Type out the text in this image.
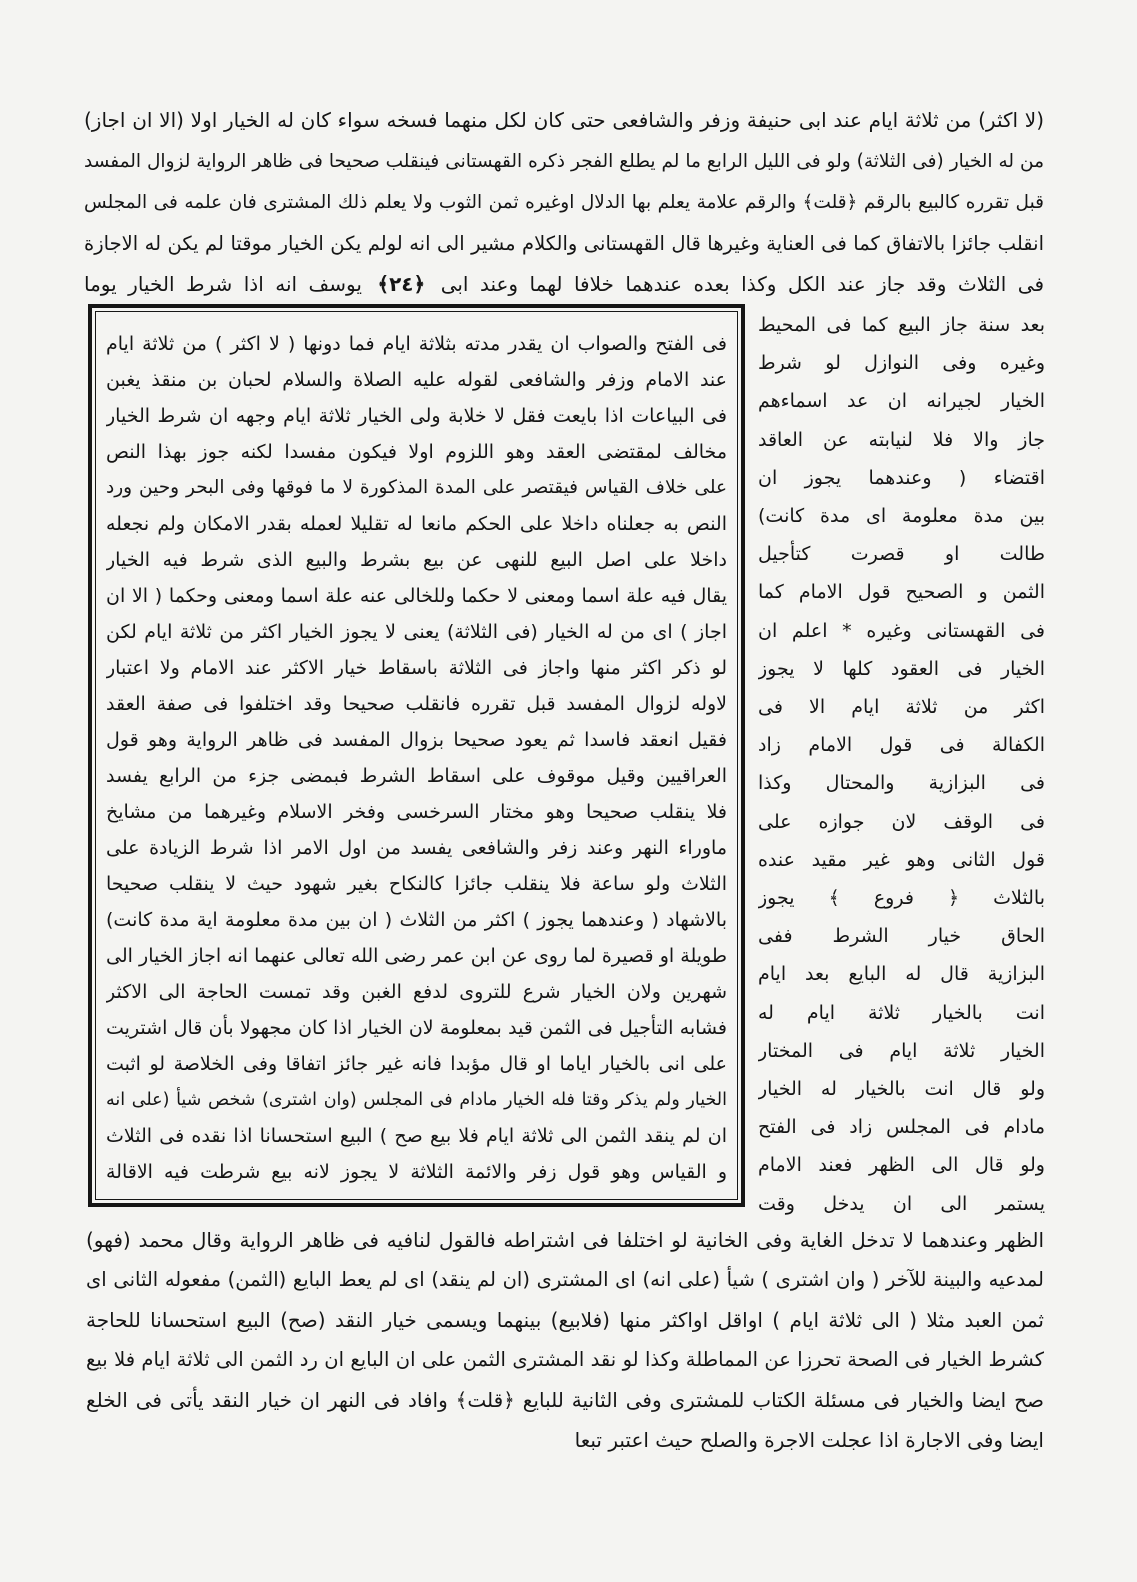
(لا اكثر) من ثلاثة ايام عند ابى حنيفة وزفر والشافعى حتى كان لكل منهما فسخه سواء كان له الخيار اولا (الا ان اجاز)
من له الخيار (فى الثلاثة) ولو فى الليل الرابع ما لم يطلع الفجر ذكره القهستانى فينقلب صحيحا فى ظاهر الرواية لزوال المفسد
قبل تقرره كالبيع بالرقم ﴿قلت﴾ والرقم علامة يعلم بها الدلال اوغيره ثمن الثوب ولا يعلم ذلك المشترى فان علمه فى المجلس
انقلب جائزا بالاتفاق كما فى العناية وغيرها قال القهستانى والكلام مشير الى انه لولم يكن الخيار موقتا لم يكن له الاجازة
فى الثلاث وقد جاز عند الكل وكذا بعده عندهما خلافا لهما وعند ابى ﴿ ٢٤ ﴾ يوسف انه اذا شرط الخيار يوما
فى الفتح والصواب ان يقدر مدته بثلاثة ايام فما دونها ( لا اكثر ) من ثلاثة ايام
عند الامام وزفر والشافعى لقوله عليه الصلاة والسلام لحبان بن منقذ يغبن
فى البياعات اذا بايعت فقل لا خلابة ولى الخيار ثلاثة ايام وجهه ان شرط الخيار
مخالف لمقتضى العقد وهو اللزوم اولا فيكون مفسدا لكنه جوز بهذا النص
على خلاف القياس فيقتصر على المدة المذكورة لا ما فوقها وفى البحر وحين ورد
النص به جعلناه داخلا على الحكم مانعا له تقليلا لعمله بقدر الامكان ولم نجعله
داخلا على اصل البيع للنهى عن بيع بشرط والبيع الذى شرط فيه الخيار
يقال فيه علة اسما ومعنى لا حكما وللخالى عنه علة اسما ومعنى وحكما ( الا ان
اجاز ) اى من له الخيار (فى الثلاثة) يعنى لا يجوز الخيار اكثر من ثلاثة ايام لكن
لو ذكر اكثر منها واجاز فى الثلاثة باسقاط خيار الاكثر عند الامام ولا اعتبار
لاوله لزوال المفسد قبل تقرره فانقلب صحيحا وقد اختلفوا فى صفة العقد
فقيل انعقد فاسدا ثم يعود صحيحا بزوال المفسد فى ظاهر الرواية وهو قول
العراقيين وقيل موقوف على اسقاط الشرط فبمضى جزء من الرابع يفسد
فلا ينقلب صحيحا وهو مختار السرخسى وفخر الاسلام وغيرهما من مشايخ
ماوراء النهر وعند زفر والشافعى يفسد من اول الامر اذا شرط الزيادة على
الثلاث ولو ساعة فلا ينقلب جائزا كالنكاح بغير شهود حيث لا ينقلب صحيحا
بالاشهاد ( وعندهما يجوز ) اكثر من الثلاث ( ان بين مدة معلومة اية مدة كانت)
طويلة او قصيرة لما روى عن ابن عمر رضى الله تعالى عنهما انه اجاز الخيار الى
شهرين ولان الخيار شرع للتروى لدفع الغبن وقد تمست الحاجة الى الاكثر
فشابه التأجيل فى الثمن قيد بمعلومة لان الخيار اذا كان مجهولا بأن قال اشتريت
على انى بالخيار اياما او قال مؤبدا فانه غير جائز اتفاقا وفى الخلاصة لو اثبت
الخيار ولم يذكر وقتا فله الخيار مادام فى المجلس (وان اشترى) شخص شيأ (على انه
ان لم ينقد الثمن الى ثلاثة ايام فلا بيع صح ) البيع استحسانا اذا نقده فى الثلاث
و القياس وهو قول زفر والائمة الثلاثة لا يجوز لانه بيع شرطت فيه الاقالة
بعد سنة جاز البيع كما فى المحيط
وغيره وفى النوازل لو شرط
الخيار لجيرانه ان عد اسماءهم
جاز والا فلا لنيابته عن العاقد
اقتضاء ( وعندهما يجوز ان
بين مدة معلومة اى مدة كانت)
طالت او قصرت كتأجيل
الثمن و الصحيح قول الامام كما
فى القهستانى وغيره * اعلم ان
الخيار فى العقود كلها لا يجوز
اكثر من ثلاثة ايام الا فى
الكفالة فى قول الامام زاد
فى البزازية والمحتال وكذا
فى الوقف لان جوازه على
قول الثانى وهو غير مقيد عنده
بالثلاث ﴿ فروع ﴾ يجوز
الحاق خيار الشرط ففى
البزازية قال له البايع بعد ايام
انت بالخيار ثلاثة ايام له
الخيار ثلاثة ايام فى المختار
ولو قال انت بالخيار له الخيار
مادام فى المجلس زاد فى الفتح
ولو قال الى الظهر فعند الامام
يستمر الى ان يدخل وقت
الظهر وعندهما لا تدخل الغاية وفى الخانية لو اختلفا فى اشتراطه فالقول لنافيه فى ظاهر الرواية وقال محمد (فهو)
لمدعيه والبينة للآخر ( وان اشترى ) شيأ (على انه) اى المشترى (ان لم ينقد) اى لم يعط البايع (الثمن) مفعوله الثانى اى
ثمن العبد مثلا ( الى ثلاثة ايام ) اواقل اواكثر منها (فلابيع) بينهما ويسمى خيار النقد (صح) البيع استحسانا للحاجة
كشرط الخيار فى الصحة تحرزا عن المماطلة وكذا لو نقد المشترى الثمن على ان البايع ان رد الثمن الى ثلاثة ايام فلا بيع
صح ايضا والخيار فى مسئلة الكتاب للمشترى وفى الثانية للبايع ﴿قلت﴾ وافاد فى النهر ان خيار النقد يأتى فى الخلع
ايضا وفى الاجارة اذا عجلت الاجرة والصلح حيث اعتبر تبعا
